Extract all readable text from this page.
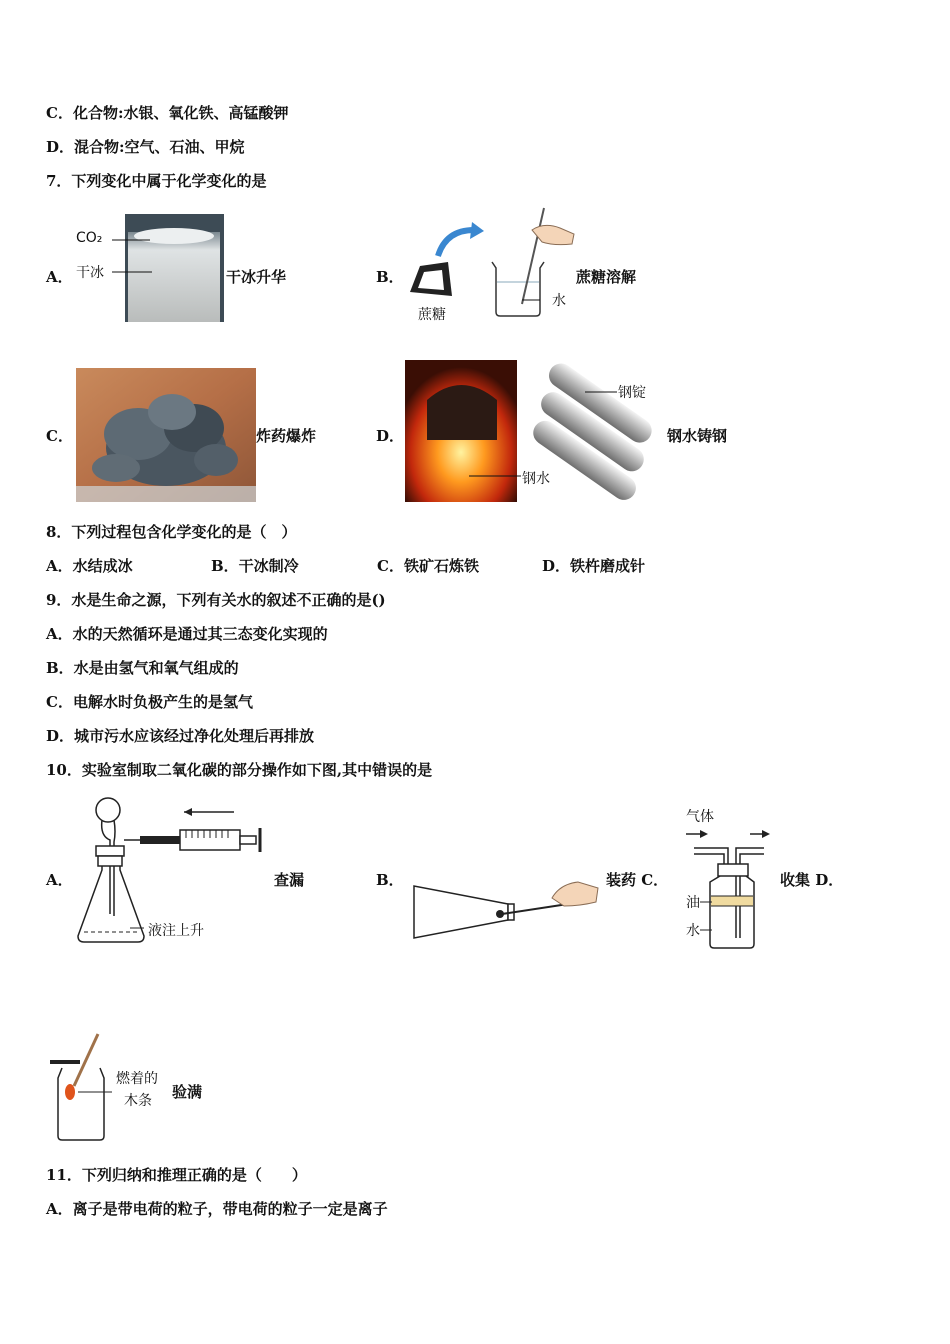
C．化合物:水银、氧化铁、高锰酸钾
D．混合物:空气、石油、甲烷
7．下列变化中属于化学变化的是
A．
CO₂
干冰	干冰升华	B．
蔗糖
水
蔗糖溶解
C．	炸药爆炸	D．
钢锭
钢水
钢水铸钢
8．下列过程包含化学变化的是（　）
A．水结成冰	B．干冰制冷	C．铁矿石炼铁	D．铁杵磨成针
9．水是生命之源，下列有关水的叙述不正确的是()
A．水的天然循环是通过其三态变化实现的
B．水是由氢气和氧气组成的
C．电解水时负极产生的是氢气
D．城市污水应该经过净化处理后再排放
10．实验室制取二氧化碳的部分操作如下图,其中错误的是
A．
液注上升
查漏	B．	装药 C．
气体
油
水
收集 D．
燃着的
木条 验满
11．下列归纳和推理正确的是（　　）
A．离子是带电荷的粒子，带电荷的粒子一定是离子
